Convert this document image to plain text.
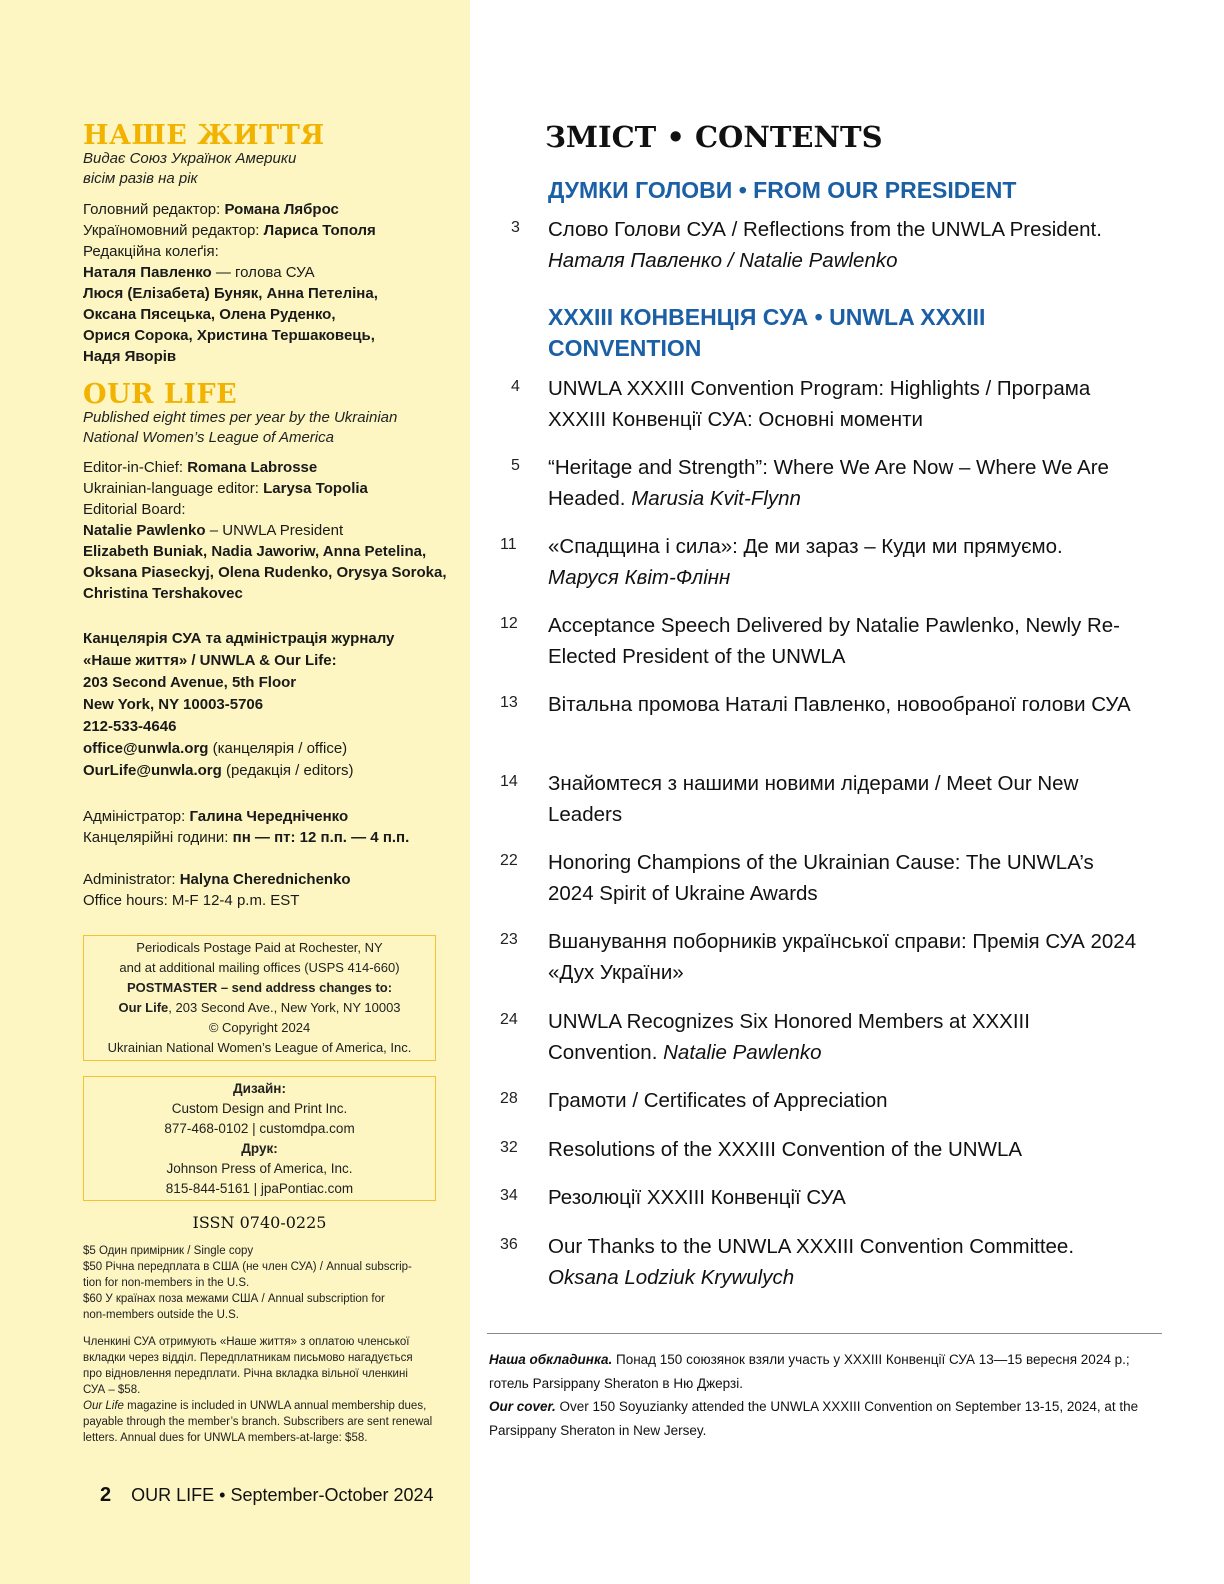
НАШЕ ЖИТТЯ
Видає Союз Українок Америки
вісім разів на рік
Головний редактор: Романа Ляброс
Україномовний редактор: Лариса Тополя
Редакційна колеґія:
Наталя Павленко — голова СУА
Люся (Елізабета) Буняк, Анна Петеліна,
Оксана Пясецька, Олена Руденко,
Орися Сорока, Христина Тершаковець,
Надя Яворів
OUR LIFE
Published eight times per year by the Ukrainian
National Women’s League of America
Editor-in-Chief: Romana Labrosse
Ukrainian-language editor: Larysa Topolia
Editorial Board:
Natalie Pawlenko – UNWLA President
Elizabeth Buniak, Nadia Jaworiw, Anna Petelina,
Oksana Piaseckyj, Olena Rudenko, Orysya Soroka,
Christina Tershakovec
Канцелярія СУА та адміністрація журналу
«Наше життя» / UNWLA & Our Life:
203 Second Avenue, 5th Floor
New York, NY 10003-5706
212-533-4646
office@unwla.org (канцелярія / office)
OurLife@unwla.org (редакція / editors)
Адміністратор: Галина Череднiченко
Канцелярійні години: пн — пт: 12 п.п. — 4 п.п.
Administrator: Halyna Cherednichenko
Office hours: M-F 12-4 p.m. EST
Periodicals Postage Paid at Rochester, NY
and at additional mailing offices (USPS 414-660)
POSTMASTER – send address changes to:
Our Life, 203 Second Ave., New York, NY 10003
© Copyright 2024
Ukrainian National Women’s League of America, Inc.
Дизайн:
Custom Design and Print Inc.
877-468-0102 | customdpa.com
Друк:
Johnson Press of America, Inc.
815-844-5161 | jpaPontiac.com
ISSN 0740-0225
$5 Один примірник / Single copy
$50 Річна передплата в США (не член СУА) / Annual subscrip-
tion for non-members in the U.S.
$60 У країнах поза межами США / Annual subscription for
non-members outside the U.S.
Членкині СУА отримують «Наше життя» з оплатою членської
вкладки через відділ. Передплатникам письмово нагадується
про відновлення передплати. Річна вкладка вільної членкині
СУА – $58.
Our Life magazine is included in UNWLA annual membership dues,
payable through the member’s branch. Subscribers are sent renewal
letters. Annual dues for UNWLA members-at-large: $58.
2 OUR LIFE • September-October 2024
ЗМІСТ • CONTENTS
ДУМКИ ГОЛОВИ • FROM OUR PRESIDENT
3	Слово Голови СУА / Reflections from the UNWLA President.
Наталя Павленко / Natalie Pawlenko
XXXIII КОНВЕНЦІЯ СУА • UNWLA XXXIII CONVENTION
4	UNWLA XXXIII Convention Program: Highlights / Програма XXXIII Конвенції СУА: Основні моменти
5	“Heritage and Strength”: Where We Are Now – Where We Are Headed. Marusia Kvit-Flynn
11	«Спадщина і сила»: Де ми зараз – Куди ми прямуємо.
Маруся Квіт-Флінн
12	Acceptance Speech Delivered by Natalie Pawlenko, Newly Re-Elected President of the UNWLA
13	Вітальна промова Наталі Павленко, новообраної голови СУА
14	Знайомтеся з нашими новими лідерами / Meet Our New Leaders
22	Honoring Champions of the Ukrainian Cause: The UNWLA’s 2024 Spirit of Ukraine Awards
23	Вшанування поборників української справи: Премія СУА 2024 «Дух України»
24	UNWLA Recognizes Six Honored Members at XXXIII Convention. Natalie Pawlenko
28	Грамоти / Certificates of Appreciation
32	Resolutions of the XXXIII Convention of the UNWLA
34	Резолюції XXXIII Конвенції СУА
36	Our Thanks to the UNWLA XXXIII Convention Committee.
Oksana Lodziuk Krywulych
Наша обкладинка. Понад 150 союзянок взяли участь у XXXIII Конвенції СУА 13—15 вересня 2024 р.; готель Parsippany Sheraton в Ню Джерзі.
Our cover. Over 150 Soyuzianky attended the UNWLA XXXIII Convention on September 13-15, 2024, at the Parsippany Sheraton in New Jersey.
